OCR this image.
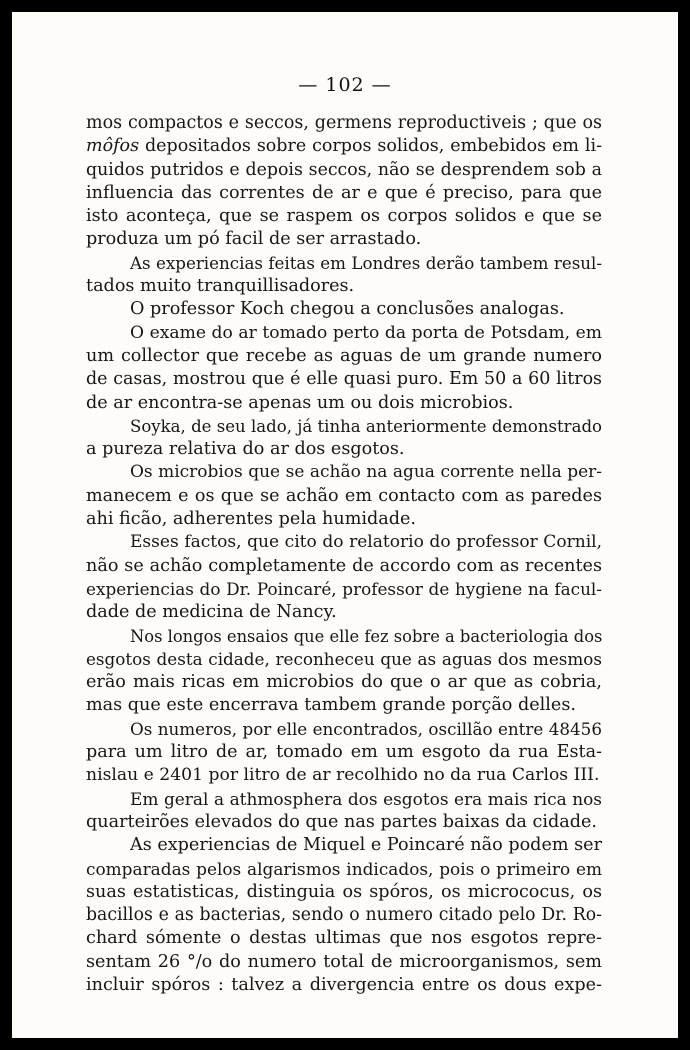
— 102 —
mos compactos e seccos, germens reproductiveis ; que os
môfos depositados sobre corpos solidos, embebidos em li-
quidos putridos e depois seccos, não se desprendem sob a
influencia das correntes de ar e que é preciso, para que
isto aconteça, que se raspem os corpos solidos e que se
produza um pó facil de ser arrastado.
As experiencias feitas em Londres derão tambem resul-
tados muito tranquillisadores.
O professor Koch chegou a conclusões analogas.
O exame do ar tomado perto da porta de Potsdam, em
um collector que recebe as aguas de um grande numero
de casas, mostrou que é elle quasi puro. Em 50 a 60 litros
de ar encontra-se apenas um ou dois microbios.
Soyka, de seu lado, já tinha anteriormente demonstrado
a pureza relativa do ar dos esgotos.
Os microbios que se achão na agua corrente nella per-
manecem e os que se achão em contacto com as paredes
ahi ficão, adherentes pela humidade.
Esses factos, que cito do relatorio do professor Cornil,
não se achão completamente de accordo com as recentes
experiencias do Dr. Poincaré, professor de hygiene na facul-
dade de medicina de Nancy.
Nos longos ensaios que elle fez sobre a bacteriologia dos
esgotos desta cidade, reconheceu que as aguas dos mesmos
erão mais ricas em microbios do que o ar que as cobria,
mas que este encerrava tambem grande porção delles.
Os numeros, por elle encontrados, oscillão entre 48456
para um litro de ar, tomado em um esgoto da rua Esta-
nislau e 2401 por litro de ar recolhido no da rua Carlos III.
Em geral a athmosphera dos esgotos era mais rica nos
quarteirões elevados do que nas partes baixas da cidade.
As experiencias de Miquel e Poincaré não podem ser
comparadas pelos algarismos indicados, pois o primeiro em
suas estatisticas, distinguia os spóros, os micrococus, os
bacillos e as bacterias, sendo o numero citado pelo Dr. Ro-
chard sómente o destas ultimas que nos esgotos repre-
sentam 26 °/o do numero total de microorganismos, sem
incluir spóros : talvez a divergencia entre os dous expe-
